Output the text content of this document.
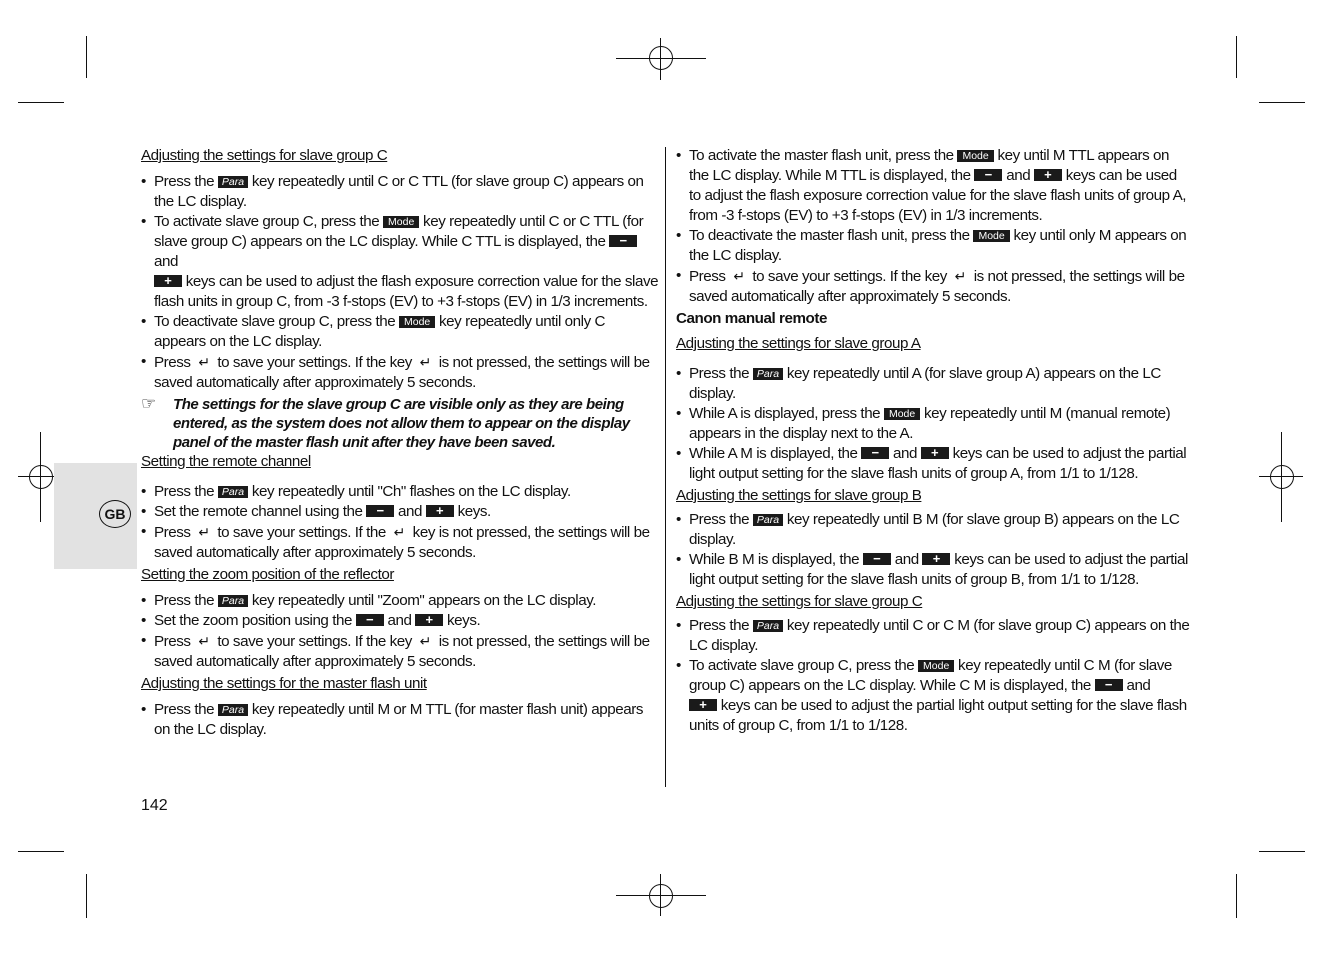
GB

Adjusting the settings for slave group C

• Press the Para key repeatedly until C or C TTL (for slave group C) appears on the LC display.

• To activate slave group C, press the Mode key repeatedly until C or C TTL (for slave group C) appears on the LC display. While C TTL is displayed, the − and
+ keys can be used to adjust the flash exposure correction value for the slave flash units in group C, from -3 f-stops (EV) to +3 f-stops (EV) in 1/3 increments.

• To deactivate slave group C, press the Mode key repeatedly until only C appears on the LC display.

• Press ↵ to save your settings. If the key ↵ is not pressed, the settings will be saved automatically after approximately 5 seconds.

☞ The settings for the slave group C are visible only as they are being entered, as the system does not allow them to appear on the display panel of the master flash unit after they have been saved.

Setting the remote channel

• Press the Para key repeatedly until "Ch" flashes on the LC display.

• Set the remote channel using the − and + keys.

• Press ↵ to save your settings. If the ↵ key is not pressed, the settings will be saved automatically after approximately 5 seconds.

Setting the zoom position of the reflector

• Press the Para key repeatedly until "Zoom" appears on the LC display.

• Set the zoom position using the − and + keys.

• Press ↵ to save your settings. If the key ↵ is not pressed, the settings will be saved automatically after approximately 5 seconds.

Adjusting the settings for the master flash unit

• Press the Para key repeatedly until M or M TTL (for master flash unit) appears on the LC display.

142

• To activate the master flash unit, press the Mode key until M TTL appears on the LC display. While M TTL is displayed, the − and + keys can be used to adjust the flash exposure correction value for the slave flash units of group A, from -3 f-stops (EV) to +3 f-stops (EV) in 1/3 increments.

• To deactivate the master flash unit, press the Mode key until only M appears on the LC display.

• Press ↵ to save your settings. If the key ↵ is not pressed, the settings will be saved automatically after approximately 5 seconds.

Canon manual remote

Adjusting the settings for slave group A

• Press the Para key repeatedly until A (for slave group A) appears on the LC display.

• While A is displayed, press the Mode key repeatedly until M (manual remote) appears in the display next to the A.

• While A M is displayed, the − and + keys can be used to adjust the partial light output setting for the slave flash units of group A, from 1/1 to 1/128.

Adjusting the settings for slave group B

• Press the Para key repeatedly until B M (for slave group B) appears on the LC display.

• While B M is displayed, the − and + keys can be used to adjust the partial light output setting for the slave flash units of group B, from 1/1 to 1/128.

Adjusting the settings for slave group C

• Press the Para key repeatedly until C or C M (for slave group C) appears on the LC display.

• To activate slave group C, press the Mode key repeatedly until C M (for slave group C) appears on the LC display. While C M is displayed, the − and
+ keys can be used to adjust the partial light output setting for the slave flash units of group C, from 1/1 to 1/128.
